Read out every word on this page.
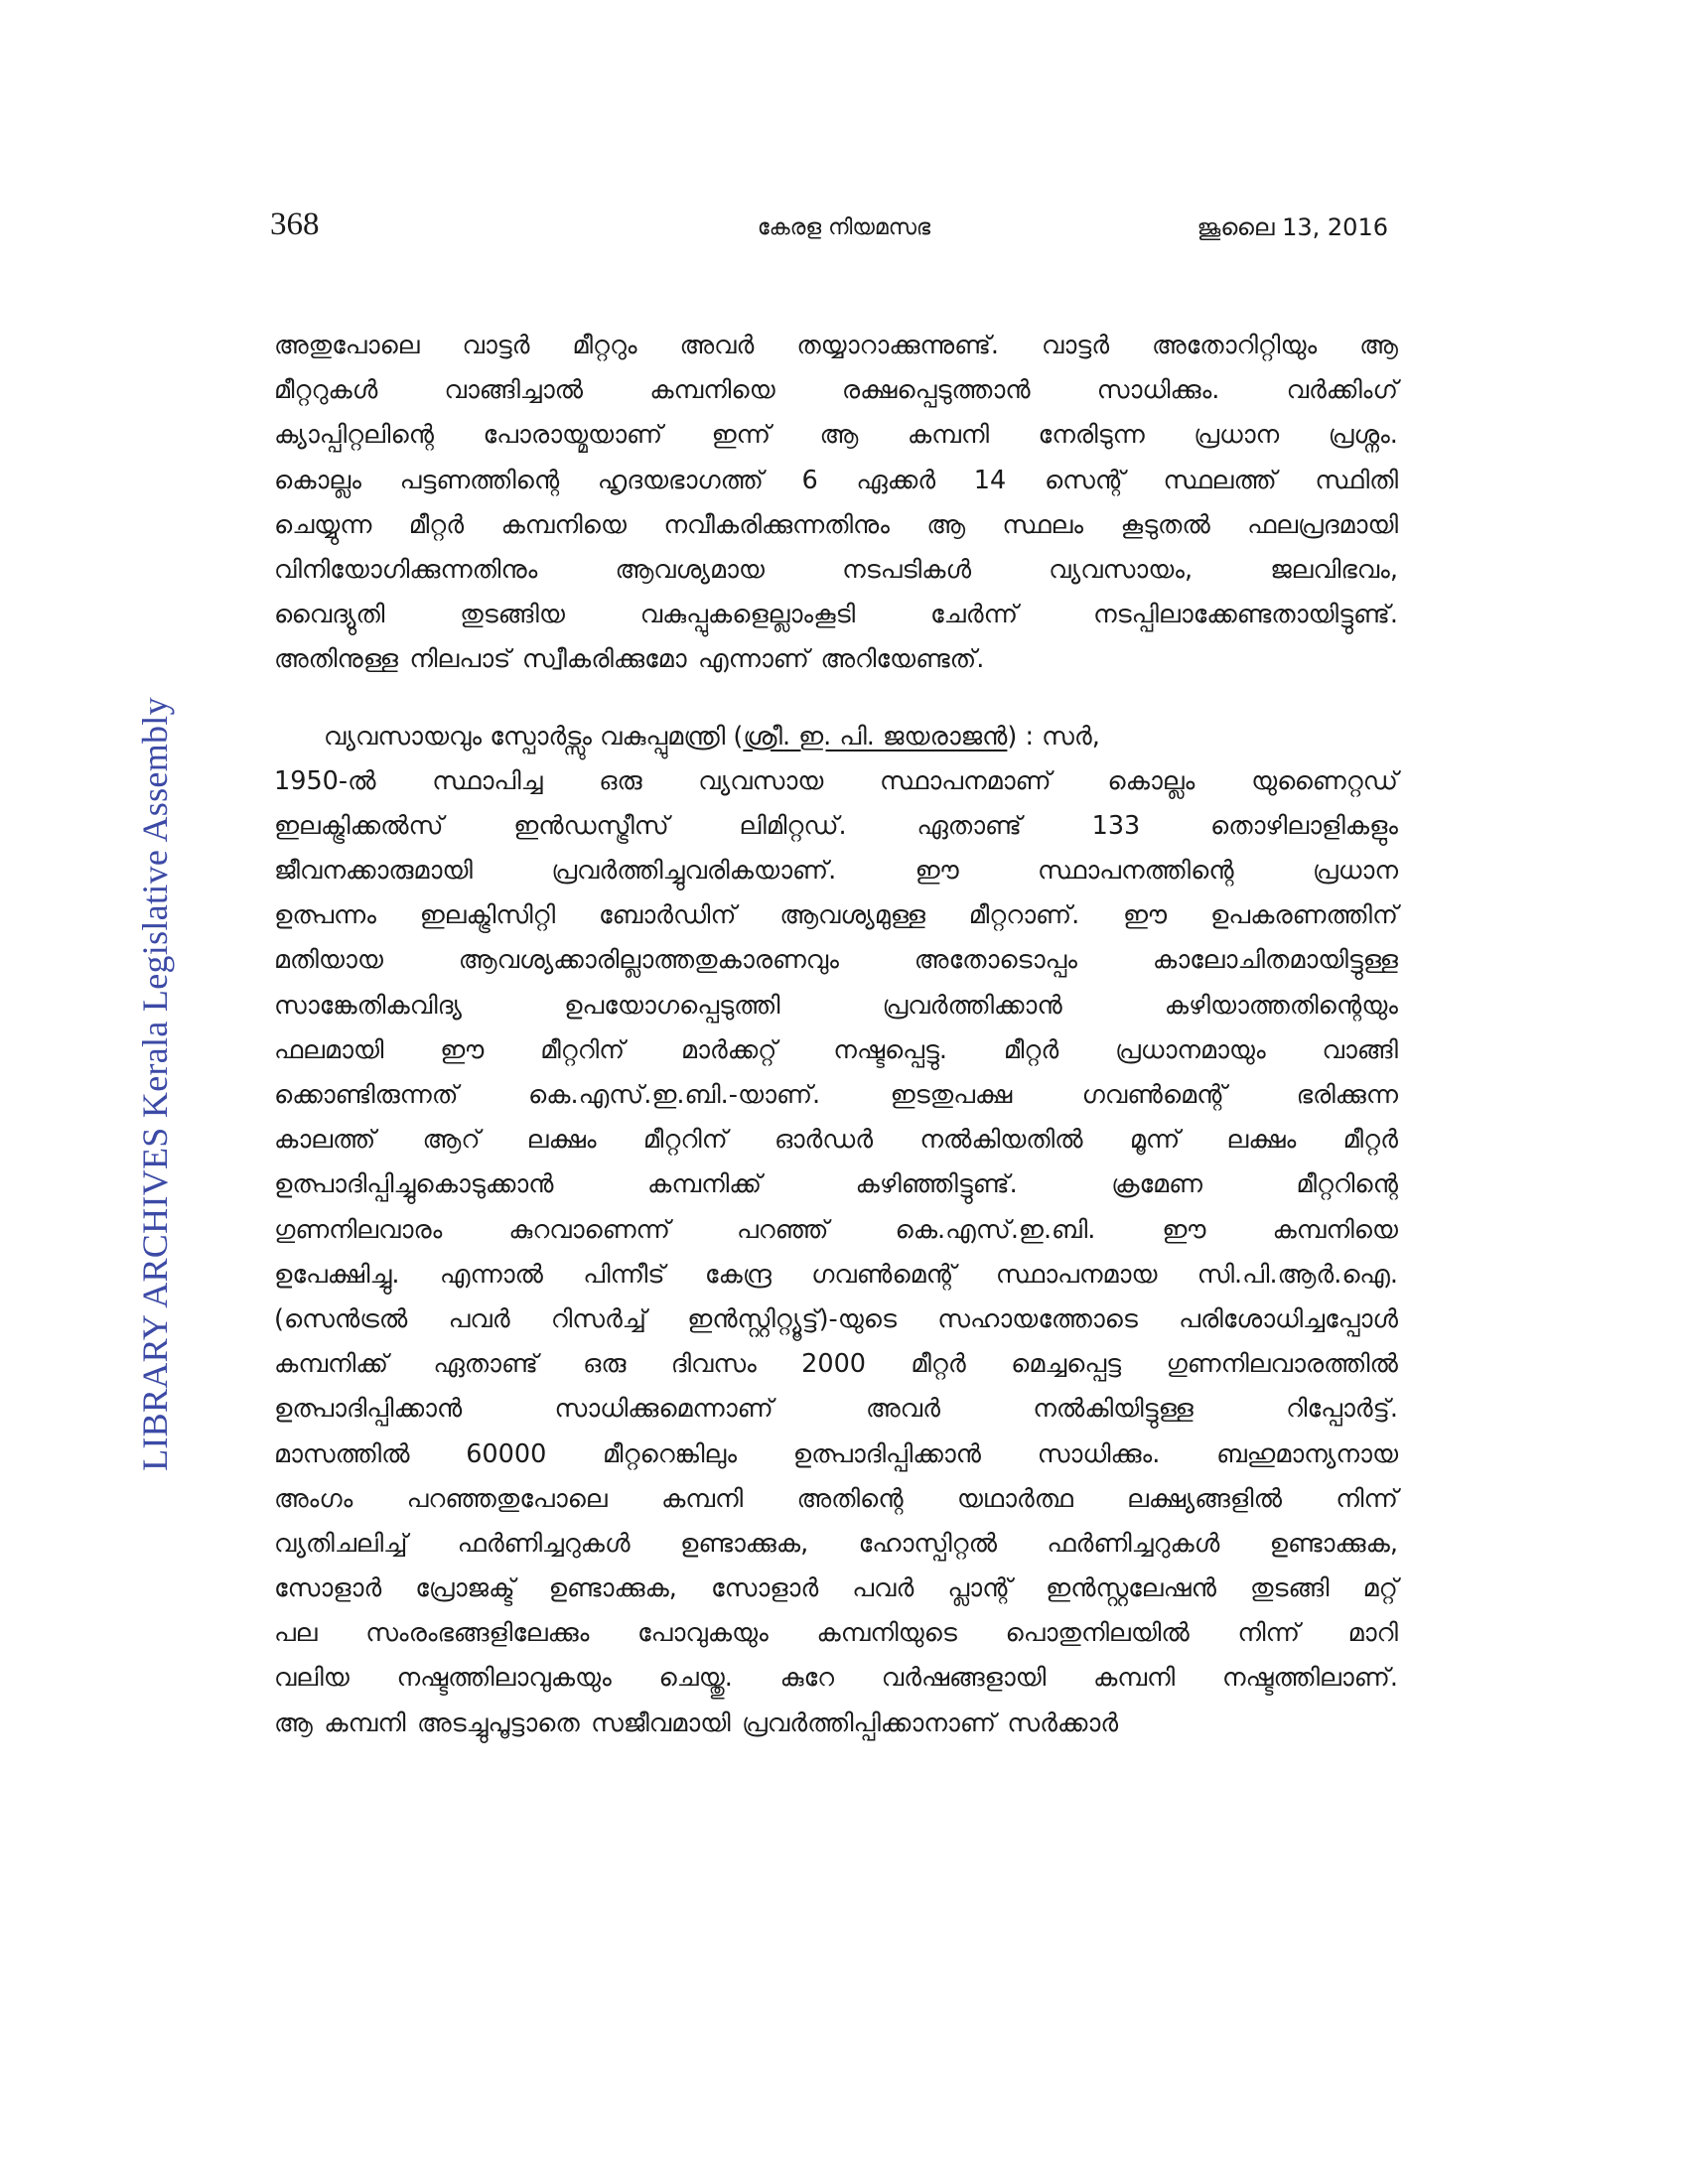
368	കേരള നിയമസഭ	ജൂലൈ 13, 2016
LIBRARY ARCHIVES Kerala Legislative Assembly
അതുപോലെ വാട്ടർ മീറ്ററും അവർ തയ്യാറാക്കുന്നുണ്ട്. വാട്ടർ അതോറിറ്റിയും ആ
മീറ്ററുകൾ	വാങ്ങിച്ചാൽ	കമ്പനിയെ	രക്ഷപ്പെടുത്താൻ	സാധിക്കും.	വർക്കിംഗ്
ക്യാപ്പിറ്റലിന്റെ പോരായ്മയാണ് ഇന്ന് ആ കമ്പനി നേരിടുന്ന പ്രധാന പ്രശ്നം.
കൊല്ലം പട്ടണത്തിന്റെ ഹൃദയഭാഗത്ത് 6 ഏക്കർ 14 സെന്റ് സ്ഥലത്ത് സ്ഥിതി
ചെയ്യുന്ന മീറ്റർ കമ്പനിയെ നവീകരിക്കുന്നതിനും ആ സ്ഥലം കൂടുതൽ ഫലപ്രദമായി
വിനിയോഗിക്കുന്നതിനും	ആവശ്യമായ	നടപടികൾ	വ്യവസായം,	ജലവിഭവം,
വൈദ്യുതി	തുടങ്ങിയ	വകുപ്പുകളെല്ലാംകൂടി	ചേർന്ന്	നടപ്പിലാക്കേണ്ടതായിട്ടുണ്ട്.
അതിനുള്ള നിലപാട് സ്വീകരിക്കുമോ എന്നാണ് അറിയേണ്ടത്.
വ്യവസായവും സ്പോർട്സും വകുപ്പുമന്ത്രി (ശ്രീ. ഇ. പി. ജയരാജൻ) : സർ,
1950-ൽ സ്ഥാപിച്ച ഒരു വ്യവസായ സ്ഥാപനമാണ് കൊല്ലം യുണൈറ്റഡ്
ഇലക്ട്രിക്കൽസ്	ഇൻഡസ്ട്രീസ്	ലിമിറ്റഡ്.	ഏതാണ്ട്	133	തൊഴിലാളികളും
ജീവനക്കാരുമായി	പ്രവർത്തിച്ചുവരികയാണ്.	ഈ	സ്ഥാപനത്തിന്റെ	പ്രധാന
ഉത്പന്നം ഇലക്ട്രിസിറ്റി ബോർഡിന് ആവശ്യമുള്ള മീറ്ററാണ്. ഈ ഉപകരണത്തിന്
മതിയായ	ആവശ്യക്കാരില്ലാത്തതുകാരണവും	അതോടൊപ്പം	കാലോചിതമായിട്ടുള്ള
സാങ്കേതികവിദ്യ	ഉപയോഗപ്പെടുത്തി	പ്രവർത്തിക്കാൻ	കഴിയാത്തതിന്റെയും
ഫലമായി ഈ മീറ്ററിന് മാർക്കറ്റ് നഷ്ടപ്പെട്ടു. മീറ്റർ പ്രധാനമായും വാങ്ങി
ക്കൊണ്ടിരുന്നത്	കെ.എസ്.ഇ.ബി.-യാണ്.	ഇടതുപക്ഷ	ഗവൺമെന്റ്	ഭരിക്കുന്ന
കാലത്ത് ആറ് ലക്ഷം മീറ്ററിന് ഓർഡർ നൽകിയതിൽ മൂന്ന് ലക്ഷം മീറ്റർ
ഉത്പാദിപ്പിച്ചുകൊടുക്കാൻ	കമ്പനിക്ക്	കഴിഞ്ഞിട്ടുണ്ട്.	ക്രമേണ	മീറ്ററിന്റെ
ഗുണനിലവാരം	കുറവാണെന്ന്	പറഞ്ഞ്	കെ.എസ്.ഇ.ബി.	ഈ	കമ്പനിയെ
ഉപേക്ഷിച്ചു. എന്നാൽ പിന്നീട് കേന്ദ്ര ഗവൺമെന്റ് സ്ഥാപനമായ സി.പി.ആർ.ഐ.
(സെൻട്രൽ പവർ റിസർച്ച് ഇൻസ്റ്റിറ്റ്യൂട്ട്)-യുടെ സഹായത്തോടെ പരിശോധിച്ചപ്പോൾ
കമ്പനിക്ക് ഏതാണ്ട് ഒരു ദിവസം 2000 മീറ്റർ മെച്ചപ്പെട്ട ഗുണനിലവാരത്തിൽ
ഉത്പാദിപ്പിക്കാൻ	സാധിക്കുമെന്നാണ്	അവർ	നൽകിയിട്ടുള്ള	റിപ്പോർട്ട്.
മാസത്തിൽ 60000 മീറ്ററെങ്കിലും ഉത്പാദിപ്പിക്കാൻ സാധിക്കും. ബഹുമാന്യനായ
അംഗം പറഞ്ഞതുപോലെ കമ്പനി അതിന്റെ യഥാർത്ഥ ലക്ഷ്യങ്ങളിൽ നിന്ന്
വ്യതിചലിച്ച് ഫർണിച്ചറുകൾ ഉണ്ടാക്കുക, ഹോസ്പിറ്റൽ ഫർണിച്ചറുകൾ ഉണ്ടാക്കുക,
സോളാർ പ്രോജക്ട് ഉണ്ടാക്കുക, സോളാർ പവർ പ്ലാന്റ് ഇൻസ്റ്റലേഷൻ തുടങ്ങി മറ്റ്
പല സംരംഭങ്ങളിലേക്കും പോവുകയും കമ്പനിയുടെ പൊതുനിലയിൽ നിന്ന് മാറി
വലിയ നഷ്ടത്തിലാവുകയും ചെയ്തു. കുറേ വർഷങ്ങളായി കമ്പനി നഷ്ടത്തിലാണ്.
ആ കമ്പനി അടച്ചുപൂട്ടാതെ സജീവമായി പ്രവർത്തിപ്പിക്കാനാണ് സർക്കാർ
